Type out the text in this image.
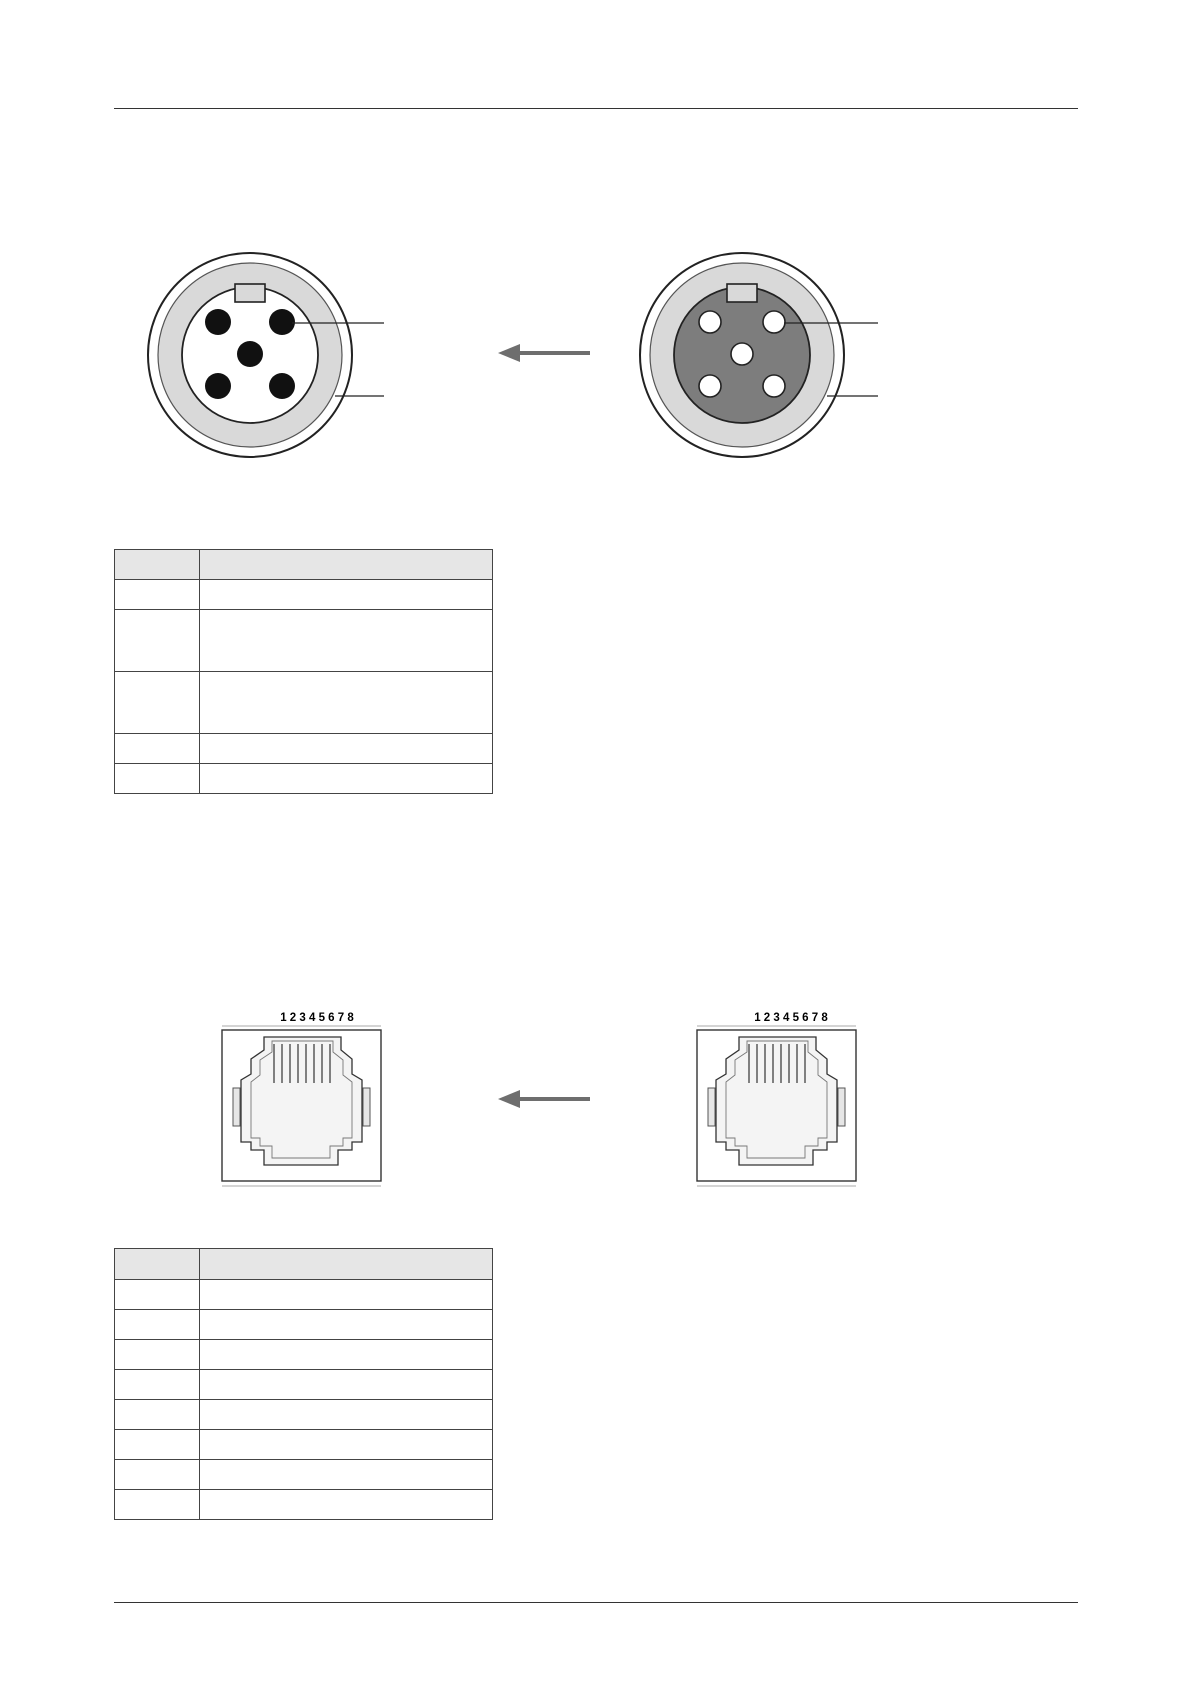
1 2 3 4 5 6 7 8	1 2 3 4 5 6 7 8
